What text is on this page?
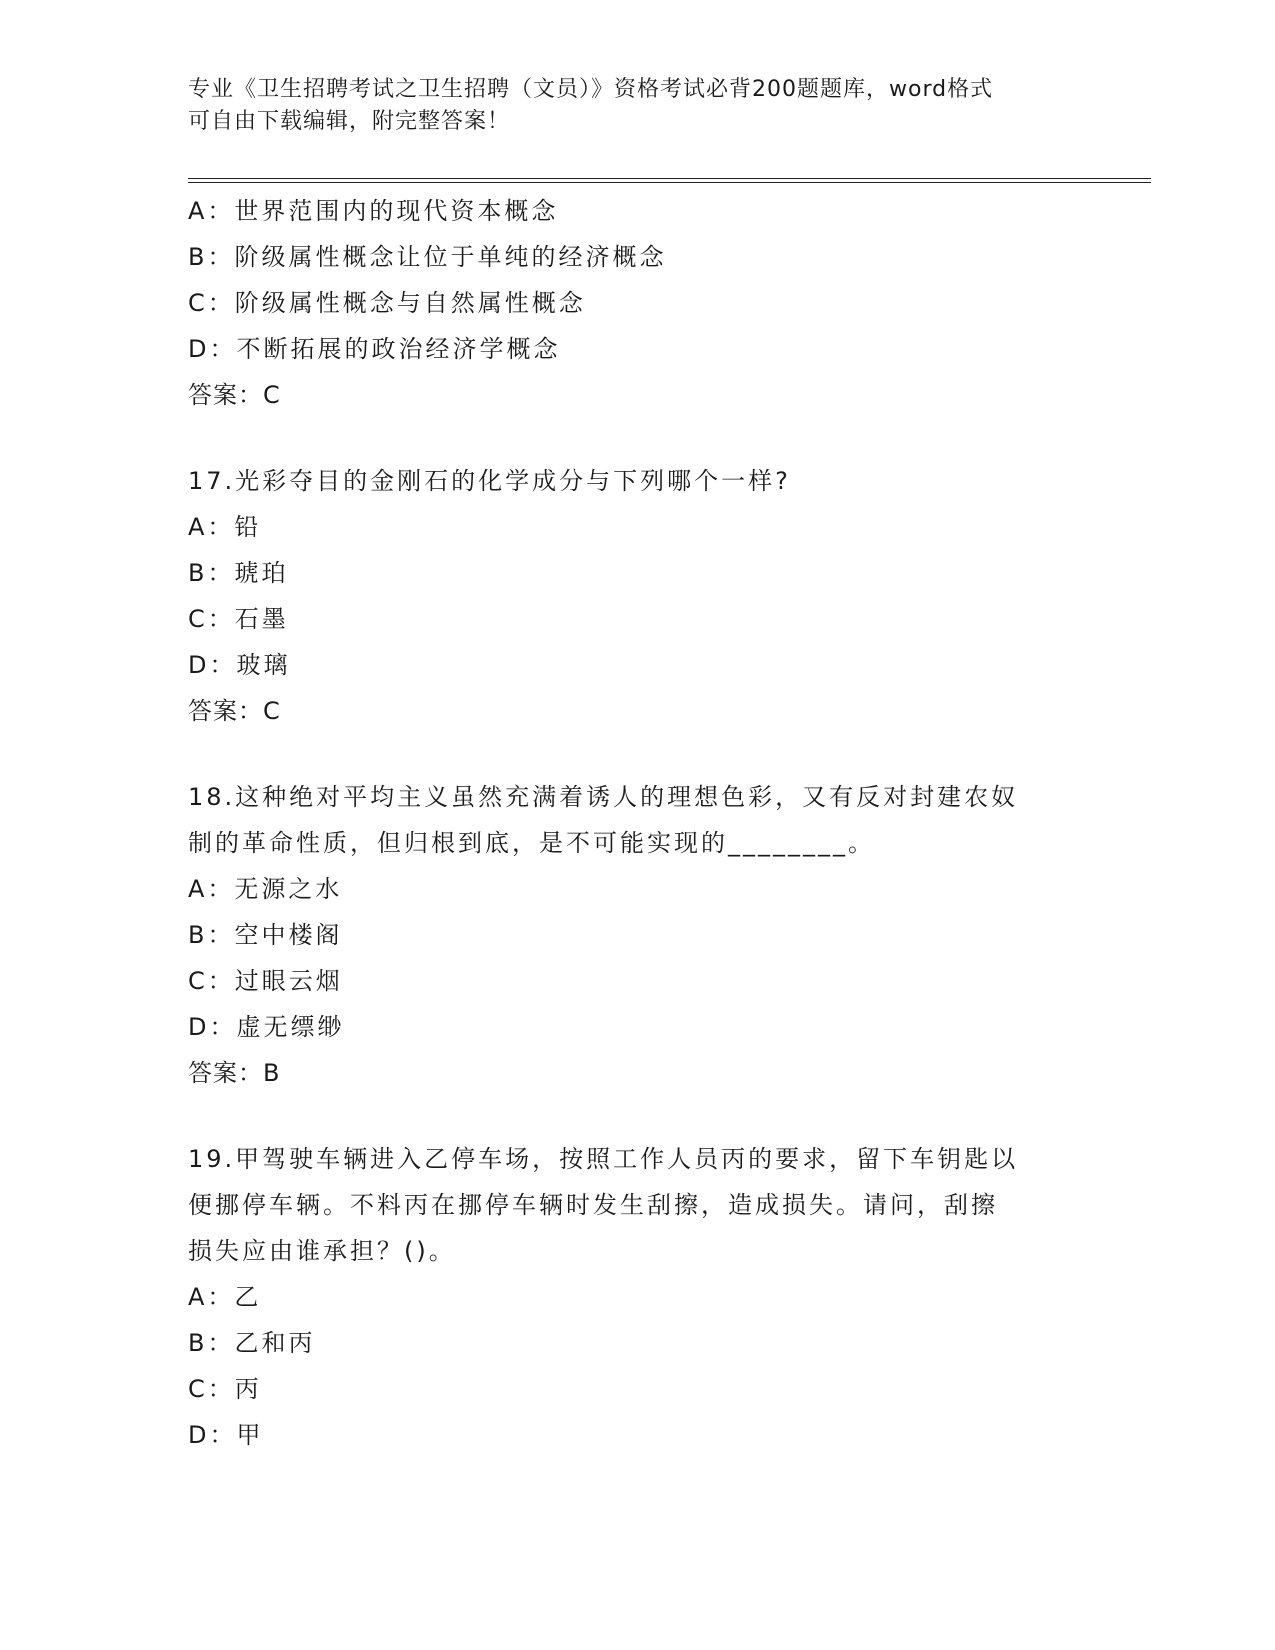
专业《卫生招聘考试之卫生招聘（文员）》资格考试必背200题题库，word格式
可自由下载编辑，附完整答案！
A：世界范围内的现代资本概念
B：阶级属性概念让位于单纯的经济概念
C：阶级属性概念与自然属性概念
D：不断拓展的政治经济学概念
答案：C
17.光彩夺目的金刚石的化学成分与下列哪个一样?
A：铅
B：琥珀
C：石墨
D：玻璃
答案：C
18.这种绝对平均主义虽然充满着诱人的理想色彩，又有反对封建农奴
制的革命性质，但归根到底，是不可能实现的________。
A：无源之水
B：空中楼阁
C：过眼云烟
D：虚无缥缈
答案：B
19.甲驾驶车辆进入乙停车场，按照工作人员丙的要求，留下车钥匙以
便挪停车辆。不料丙在挪停车辆时发生刮擦，造成损失。请问，刮擦
损失应由谁承担？()。
A：乙
B：乙和丙
C：丙
D：甲
